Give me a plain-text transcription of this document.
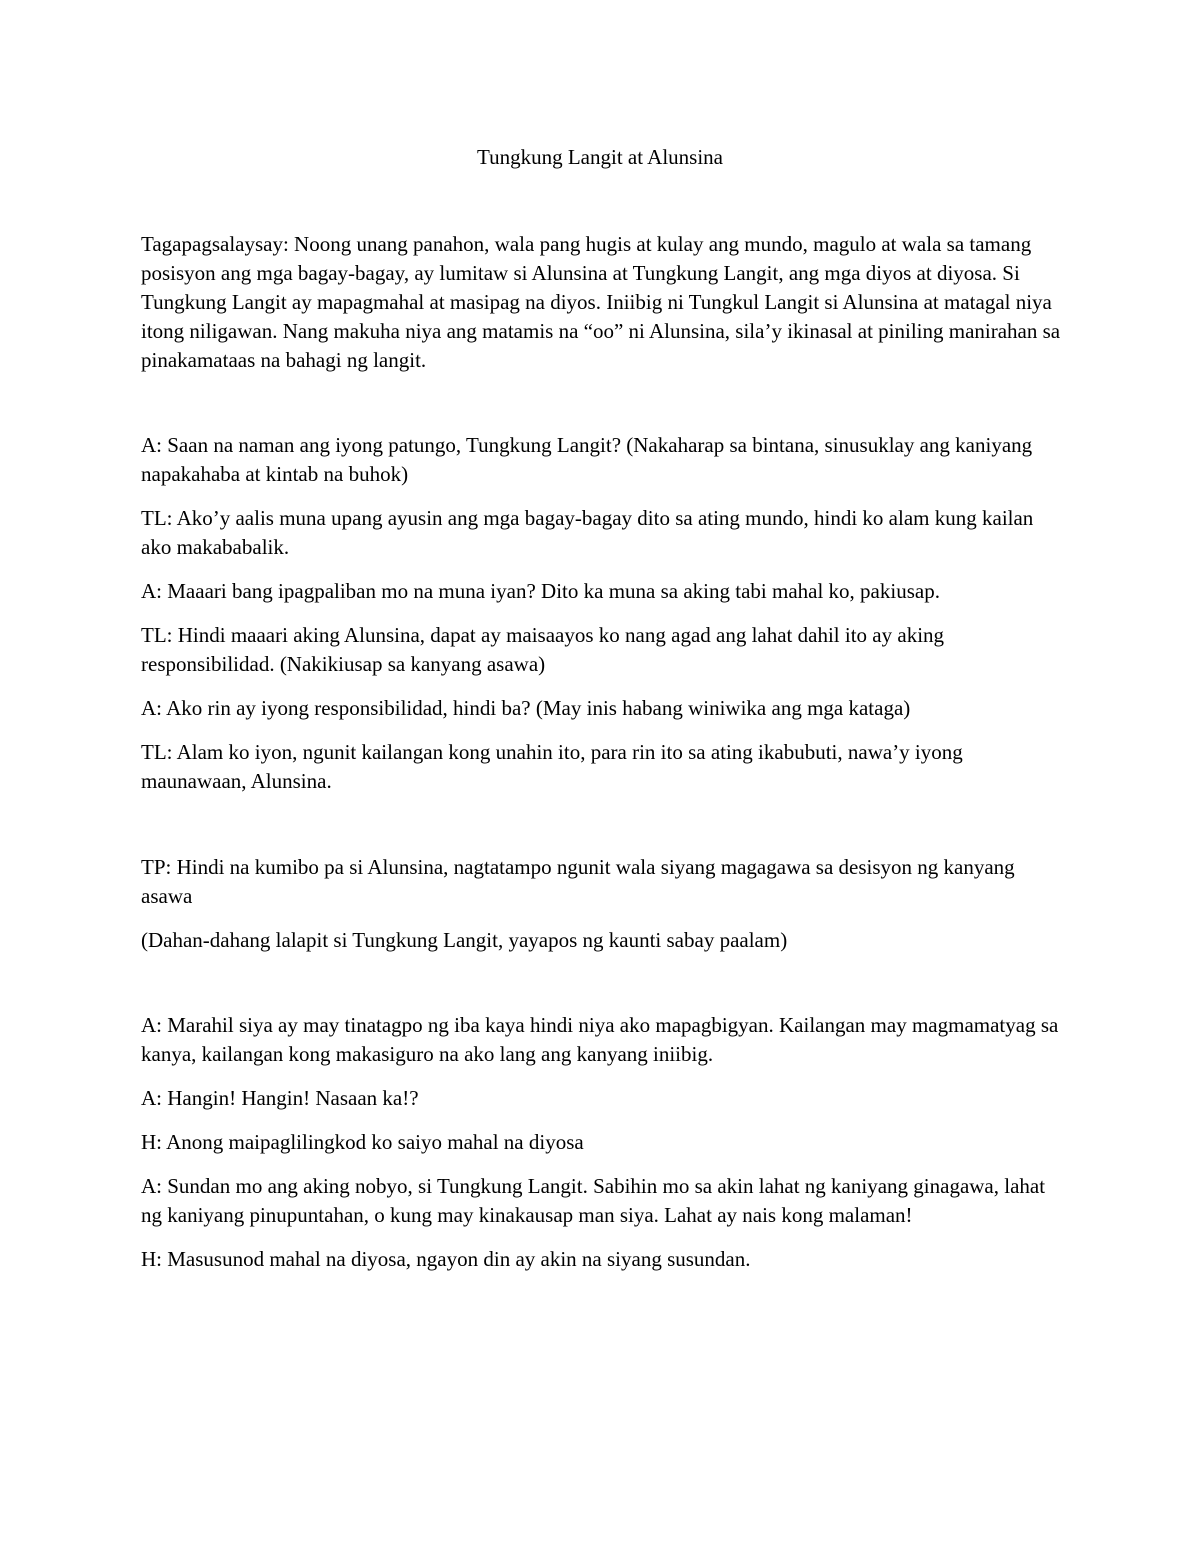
Tungkung Langit at Alunsina

Tagapagsalaysay: Noong unang panahon, wala pang hugis at kulay ang mundo, magulo at wala sa tamang posisyon ang mga bagay-bagay, ay lumitaw si Alunsina at Tungkung Langit, ang mga diyos at diyosa. Si Tungkung Langit ay mapagmahal at masipag na diyos. Iniibig ni Tungkul Langit si Alunsina at matagal niya itong niligawan. Nang makuha niya ang matamis na “oo” ni Alunsina, sila’y ikinasal at piniling manirahan sa pinakamataas na bahagi ng langit.

A: Saan na naman ang iyong patungo, Tungkung Langit? (Nakaharap sa bintana, sinusuklay ang kaniyang napakahaba at kintab na buhok)

TL: Ako’y aalis muna upang ayusin ang mga bagay-bagay dito sa ating mundo, hindi ko alam kung kailan ako makababalik.

A: Maaari bang ipagpaliban mo na muna iyan? Dito ka muna sa aking tabi mahal ko, pakiusap.

TL: Hindi maaari aking Alunsina, dapat ay maisaayos ko nang agad ang lahat dahil ito ay aking responsibilidad. (Nakikiusap sa kanyang asawa)

A: Ako rin ay iyong responsibilidad, hindi ba? (May inis habang winiwika ang mga kataga)

TL: Alam ko iyon, ngunit kailangan kong unahin ito, para rin ito sa ating ikabubuti, nawa’y iyong maunawaan, Alunsina.

TP: Hindi na kumibo pa si Alunsina, nagtatampo ngunit wala siyang magagawa sa desisyon ng kanyang asawa

(Dahan-dahang lalapit si Tungkung Langit, yayapos ng kaunti sabay paalam)

A: Marahil siya ay may tinatagpo ng iba kaya hindi niya ako mapagbigyan. Kailangan may magmamatyag sa kanya, kailangan kong makasiguro na ako lang ang kanyang iniibig.

A: Hangin! Hangin! Nasaan ka!?

H: Anong maipaglilingkod ko saiyo mahal na diyosa

A: Sundan mo ang aking nobyo, si Tungkung Langit. Sabihin mo sa akin lahat ng kaniyang ginagawa, lahat ng kaniyang pinupuntahan, o kung may kinakausap man siya. Lahat ay nais kong malaman!

H: Masusunod mahal na diyosa, ngayon din ay akin na siyang susundan.
